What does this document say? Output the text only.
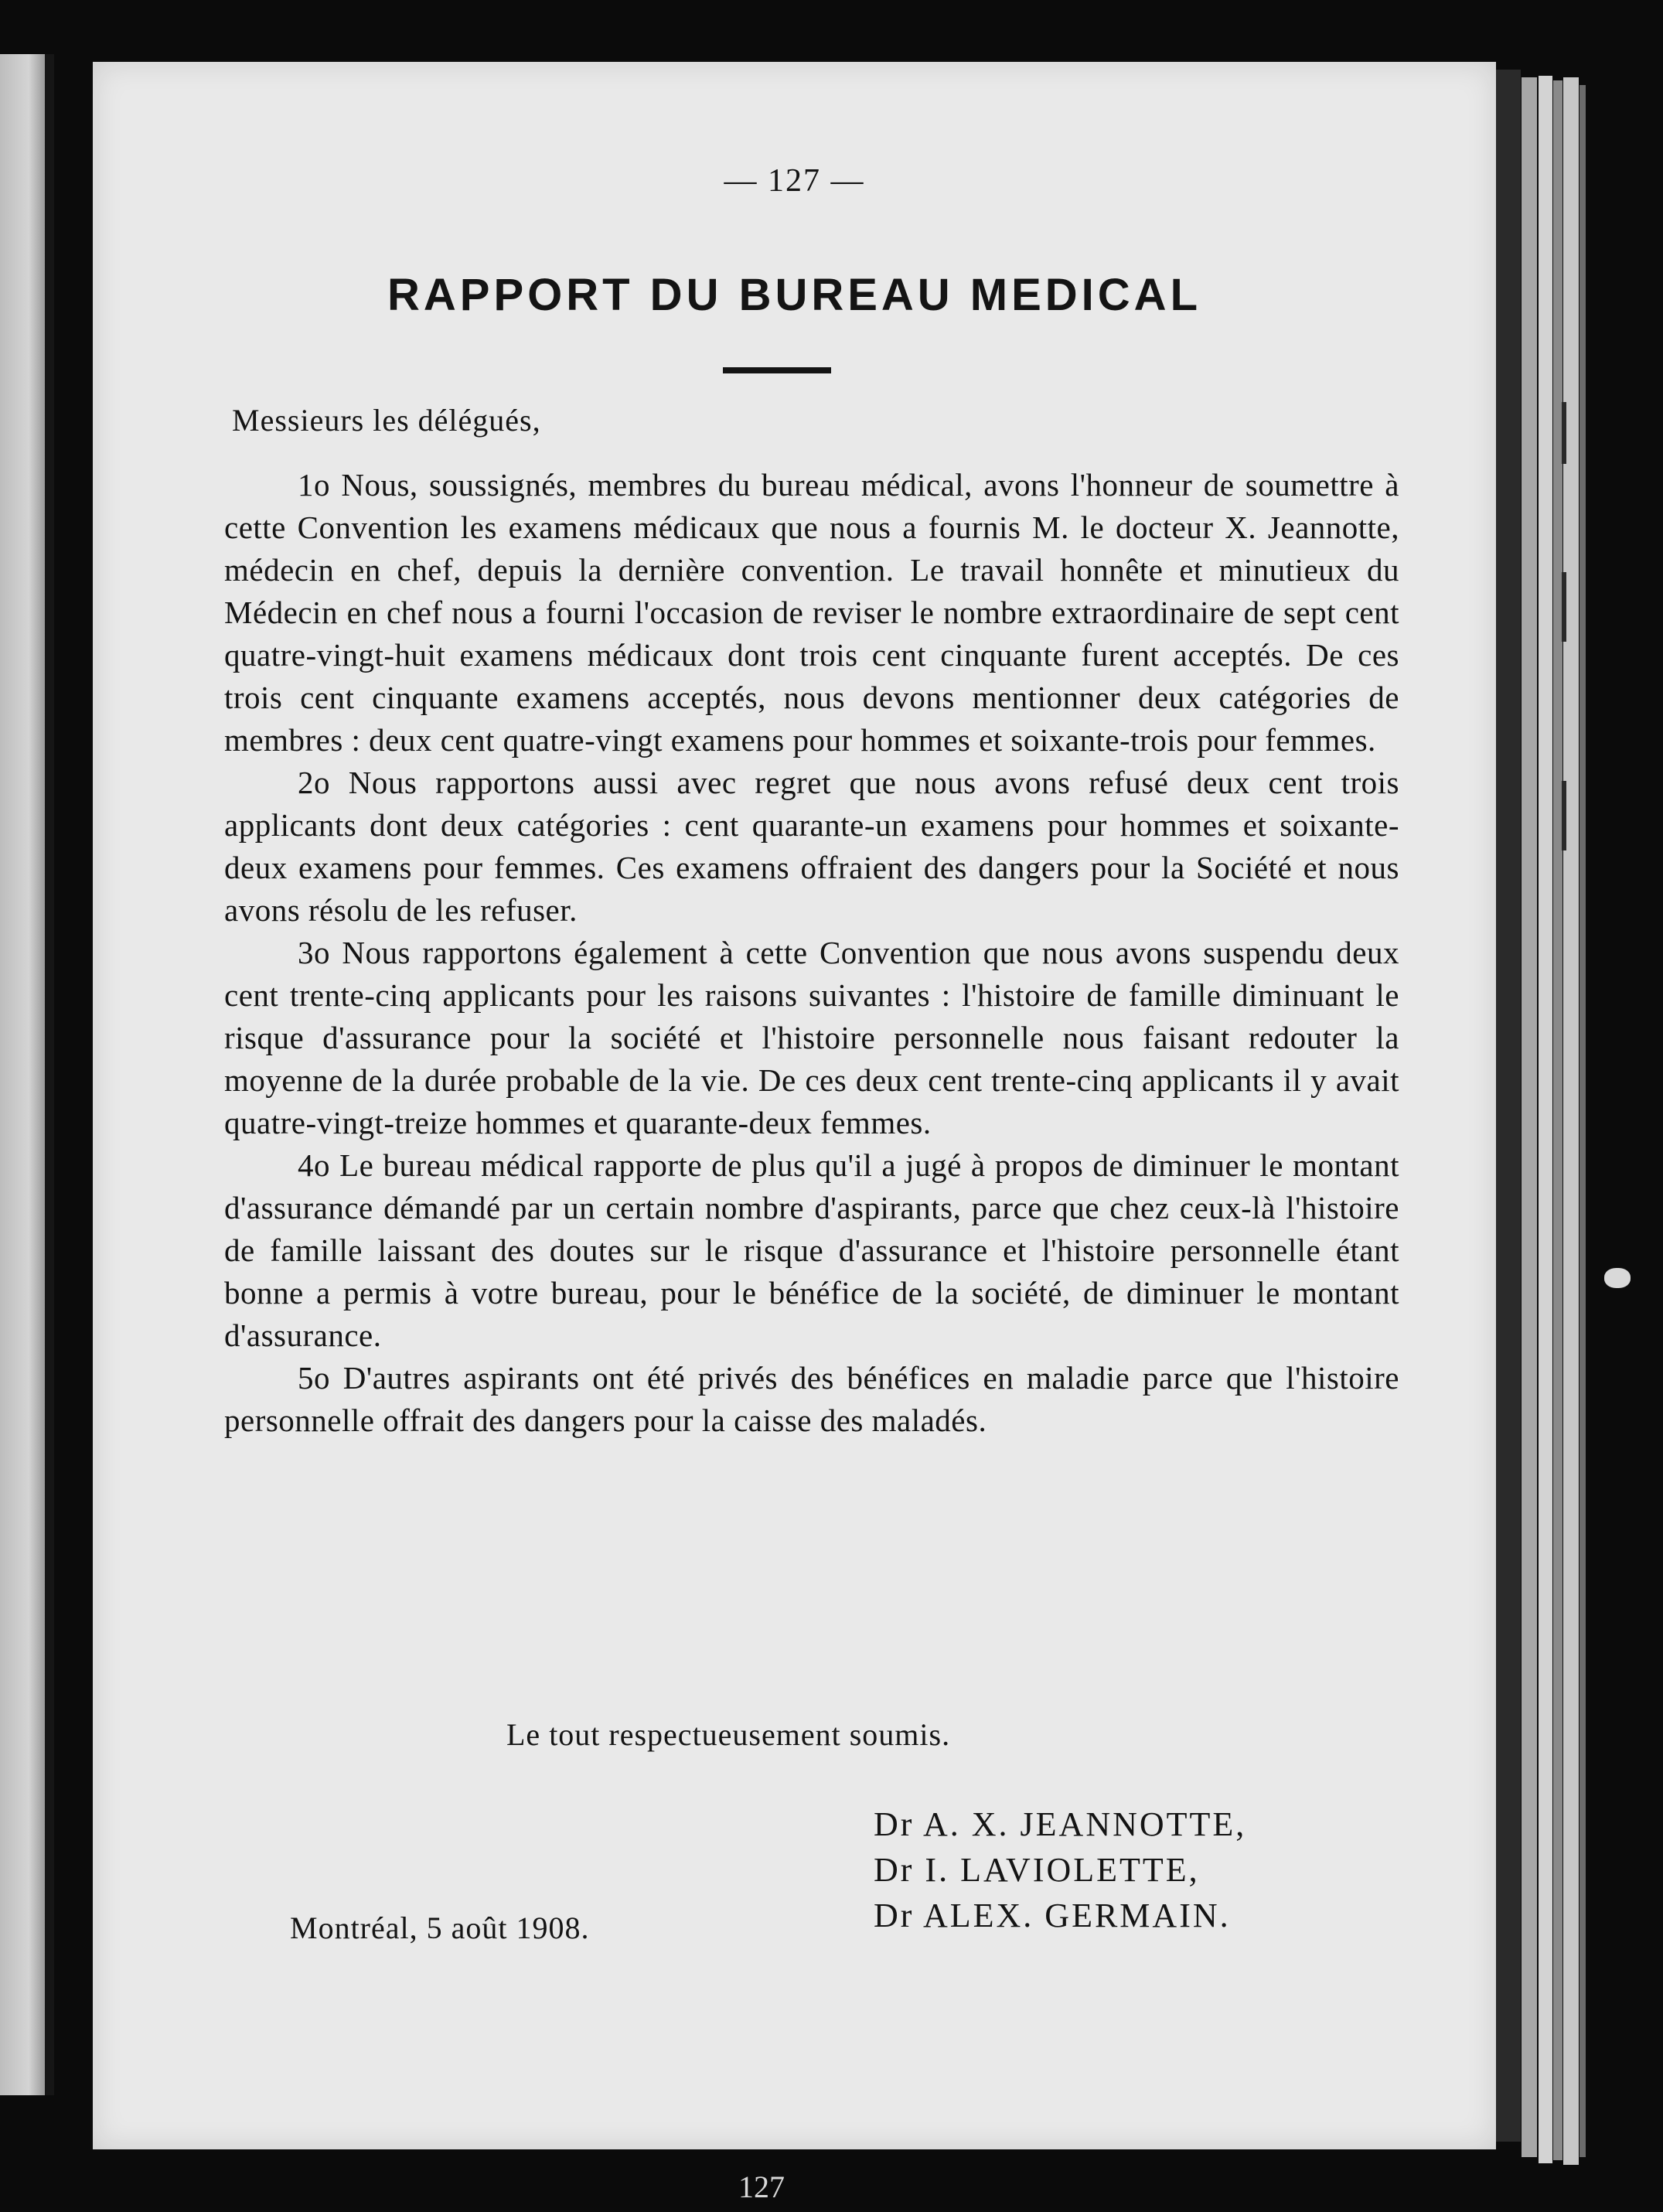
— 127 —
RAPPORT DU BUREAU MEDICAL
Messieurs les délégués,

1o Nous, soussignés, membres du bureau médical, avons l'honneur de soumettre à cette Convention les examens médicaux que nous a fournis M. le docteur X. Jeannotte, médecin en chef, depuis la dernière convention. Le travail honnête et minutieux du Médecin en chef nous a fourni l'occasion de reviser le nombre extraordinaire de sept cent quatre-vingt-huit examens médicaux dont trois cent cinquante furent acceptés. De ces trois cent cinquante examens acceptés, nous devons mentionner deux catégories de membres : deux cent quatre-vingt examens pour hommes et soixante-trois pour femmes.

2o Nous rapportons aussi avec regret que nous avons refusé deux cent trois applicants dont deux catégories : cent quarante-un examens pour hommes et soixante-deux examens pour femmes. Ces examens offraient des dangers pour la Société et nous avons résolu de les refuser.

3o Nous rapportons également à cette Convention que nous avons suspendu deux cent trente-cinq applicants pour les raisons suivantes : l'histoire de famille diminuant le risque d'assurance pour la société et l'histoire personnelle nous faisant redouter la moyenne de la durée probable de la vie. De ces deux cent trente-cinq applicants il y avait quatre-vingt-treize hommes et quarante-deux femmes.

4o Le bureau médical rapporte de plus qu'il a jugé à propos de diminuer le montant d'assurance démandé par un certain nombre d'aspirants, parce que chez ceux-là l'histoire de famille laissant des doutes sur le risque d'assurance et l'histoire personnelle étant bonne a permis à votre bureau, pour le bénéfice de la société, de diminuer le montant d'assurance.

5o D'autres aspirants ont été privés des bénéfices en maladie parce que l'histoire personnelle offrait des dangers pour la caisse des maladés.

Le tout respectueusement soumis.
Dr A. X. JEANNOTTE,
Dr I. LAVIOLETTE,
Dr ALEX. GERMAIN.
Montréal, 5 août 1908.
127
